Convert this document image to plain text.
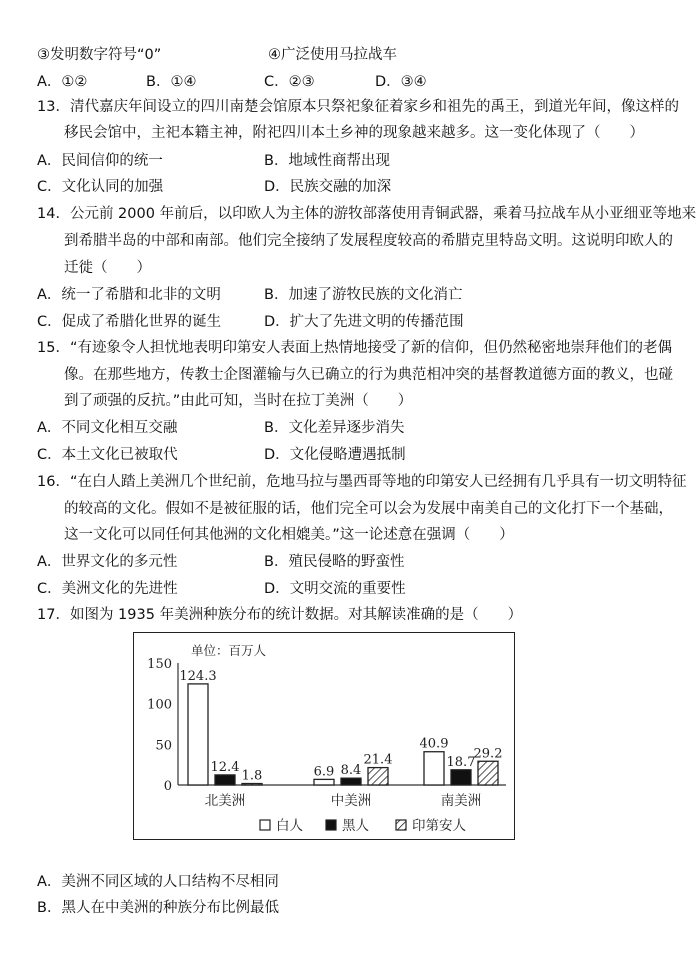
③发明数字符号“0”	④广泛使用马拉战车
A．①②	B．①④	C．②③	D．③④
13．清代嘉庆年间设立的四川南楚会馆原本只祭祀象征着家乡和祖先的禹王，到道光年间，像这样的
移民会馆中，主祀本籍主神，附祀四川本土乡神的现象越来越多。这一变化体现了（　　）
A．民间信仰的统一	B．地域性商帮出现
C．文化认同的加强	D．民族交融的加深
14．公元前 2000 年前后，以印欧人为主体的游牧部落使用青铜武器，乘着马拉战车从小亚细亚等地来
到希腊半岛的中部和南部。他们完全接纳了发展程度较高的希腊克里特岛文明。这说明印欧人的
迁徙（　　）
A．统一了希腊和北非的文明	B．加速了游牧民族的文化消亡
C．促成了希腊化世界的诞生	D．扩大了先进文明的传播范围
15．“有迹象令人担忧地表明印第安人表面上热情地接受了新的信仰，但仍然秘密地崇拜他们的老偶
像。在那些地方，传教士企图灌输与久已确立的行为典范相冲突的基督教道德方面的教义，也碰
到了顽强的反抗。”由此可知，当时在拉丁美洲（　　）
A．不同文化相互交融	B．文化差异逐步消失
C．本土文化已被取代	D．文化侵略遭遇抵制
16．“在白人踏上美洲几个世纪前，危地马拉与墨西哥等地的印第安人已经拥有几乎具有一切文明特征
的较高的文化。假如不是被征服的话，他们完全可以会为发展中南美自己的文化打下一个基础，
这一文化可以同任何其他洲的文化相媲美。”这一论述意在强调（　　）
A．世界文化的多元性	B．殖民侵略的野蛮性
C．美洲文化的先进性	D．文明交流的重要性
17．如图为 1935 年美洲种族分布的统计数据。对其解读准确的是（　　）
单位：百万人
0
50
100
150
124.3
12.4
1.8	6.9 8.4
21.4
40.9
18.7
29.2
北美洲	中美洲	南美洲
白人	黑人	印第安人
A．美洲不同区域的人口结构不尽相同
B．黑人在中美洲的种族分布比例最低
